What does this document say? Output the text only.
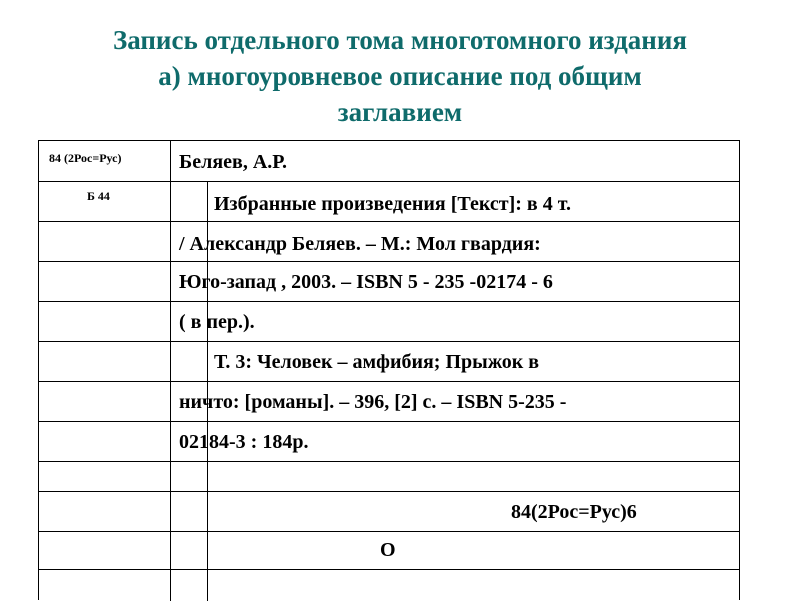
Запись отдельного тома многотомного издания
а) многоуровневое описание под общим
заглавием
84 (2Рос=Рус)
Б 44
Беляев, А.Р.
Избранные произведения [Текст]: в 4 т.
/ Александр Беляев. – М.: Мол гвардия:
Юго-запад , 2003. – ISBN 5 - 235 -02174 - 6
( в пер.).
Т. 3: Человек – амфибия; Прыжок в
ничто: [романы]. – 396, [2] с. – ISBN 5-235 -
02184-3 : 184р.
84(2Рос=Рус)6
О
